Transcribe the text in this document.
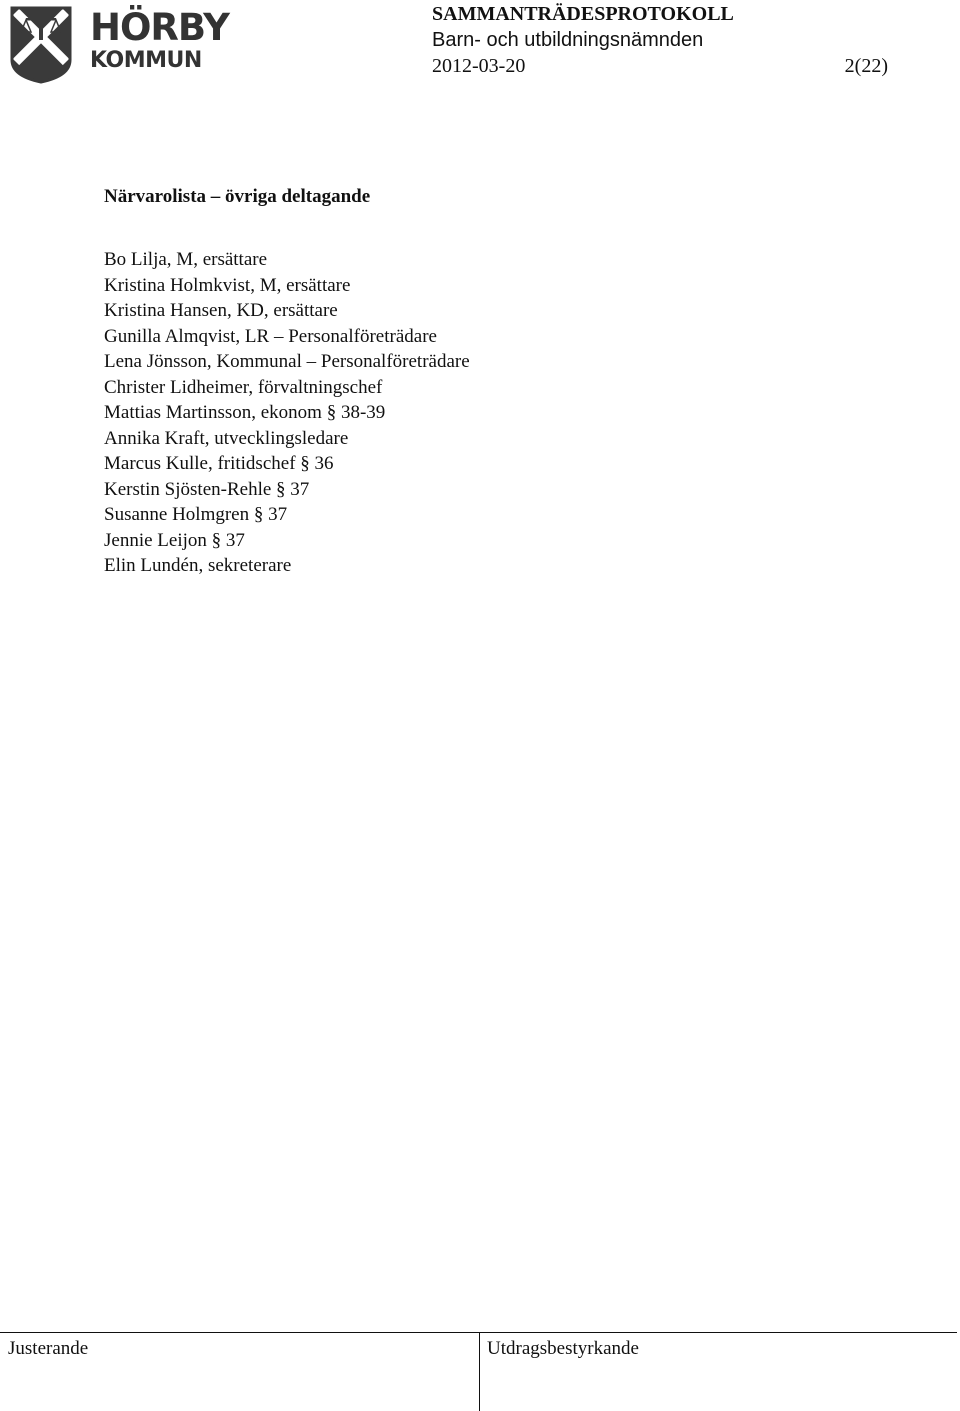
HÖRBY
KOMMUN
SAMMANTRÄDESPROTOKOLL
Barn- och utbildningsnämnden
2012-03-20	2(22)
Närvarolista – övriga deltagande
Bo Lilja, M, ersättare
Kristina Holmkvist, M, ersättare
Kristina Hansen, KD, ersättare
Gunilla Almqvist, LR – Personalföreträdare
Lena Jönsson, Kommunal – Personalföreträdare
Christer Lidheimer, förvaltningschef
Mattias Martinsson, ekonom § 38-39
Annika Kraft, utvecklingsledare
Marcus Kulle, fritidschef § 36
Kerstin Sjösten-Rehle § 37
Susanne Holmgren § 37
Jennie Leijon § 37
Elin Lundén, sekreterare
Justerande	Utdragsbestyrkande
